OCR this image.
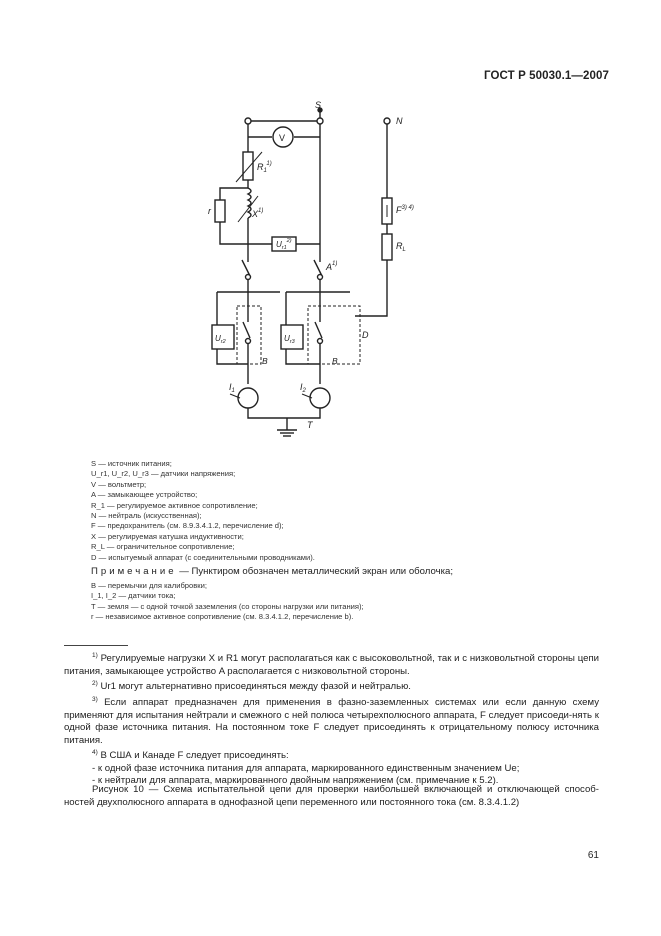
ГОСТ Р 50030.1—2007
S
N
V
$R_1^{1)}$
$X^{1)}$
r
$U_{r1}^{2)}$
$A^{1)}$
$F^{3) 4)}$
$R_L$
$U_{r2}$	$U_{r3}$
B	B
D
$I_1$	$I_2$
T
S — источник питания;
U_r1, U_r2, U_r3 — датчики напряжения;
V — вольтметр;
A — замыкающее устройство;
R_1 — регулируемое активное сопротивление;
N — нейтраль (искусственная);
F — предохранитель (см. 8.9.3.4.1.2, перечисление d);
X — регулируемая катушка индуктивности;
R_L — ограничительное сопротивление;
D — испытуемый аппарат (с соединительными проводниками).
Примечание — Пунктиром обозначен металлический экран или оболочка;
B — перемычки для калибровки;
I_1, I_2 — датчики тока;
T — земля — с одной точкой заземления (со стороны нагрузки или питания);
r — независимое активное сопротивление (см. 8.3.4.1.2, перечисление b).

$^{1)}$ Регулируемые нагрузки X и R1 могут располагаться как с высоковольтной, так и с низковольтной стороны цепи питания, замыкающее устройство A располагается с низковольтной стороны.

$^{2)}$ Ur1 могут альтернативно присоединяться между фазой и нейтралью.

$^{3)}$ Если аппарат предназначен для применения в фазно-заземленных системах или если данную схему применяют для испытания нейтрали и смежного с ней полюса четырехполюсного аппарата, F следует присоеди-нять к одной фазе источника питания. На постоянном токе F следует присоединять к отрицательному полюсу источника питания.

$^{4)}$ В США и Канаде F следует присоединять:

- к одной фазе источника питания для аппарата, маркированного единственным значением Ue;

- к нейтрали для аппарата, маркированного двойным напряжением (см. примечание к 5.2).

Рисунок 10 — Схема испытательной цепи для проверки наибольшей включающей и отключающей способ-ностей двухполюсного аппарата в однофазной цепи переменного или постоянного тока (см. 8.3.4.1.2)
61
